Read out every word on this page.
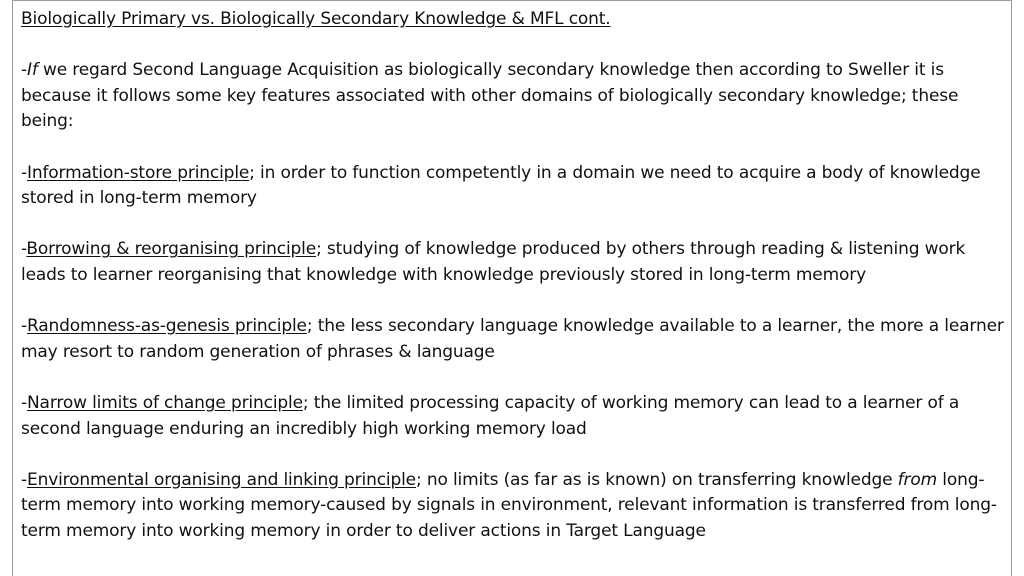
Biologically Primary vs. Biologically Secondary Knowledge & MFL cont.

-If we regard Second Language Acquisition as biologically secondary knowledge then according to Sweller it is because it follows some key features associated with other domains of biologically secondary knowledge; these being:

-Information-store principle; in order to function competently in a domain we need to acquire a body of knowledge stored in long-term memory

-Borrowing & reorganising principle; studying of knowledge produced by others through reading & listening work leads to learner reorganising that knowledge with knowledge previously stored in long-term memory

-Randomness-as-genesis principle; the less secondary language knowledge available to a learner, the more a learner may resort to random generation of phrases & language

-Narrow limits of change principle; the limited processing capacity of working memory can lead to a learner of a second language enduring an incredibly high working memory load

-Environmental organising and linking principle; no limits (as far as is known) on transferring knowledge from long-term memory into working memory-caused by signals in environment, relevant information is transferred from long-term memory into working memory in order to deliver actions in Target Language
